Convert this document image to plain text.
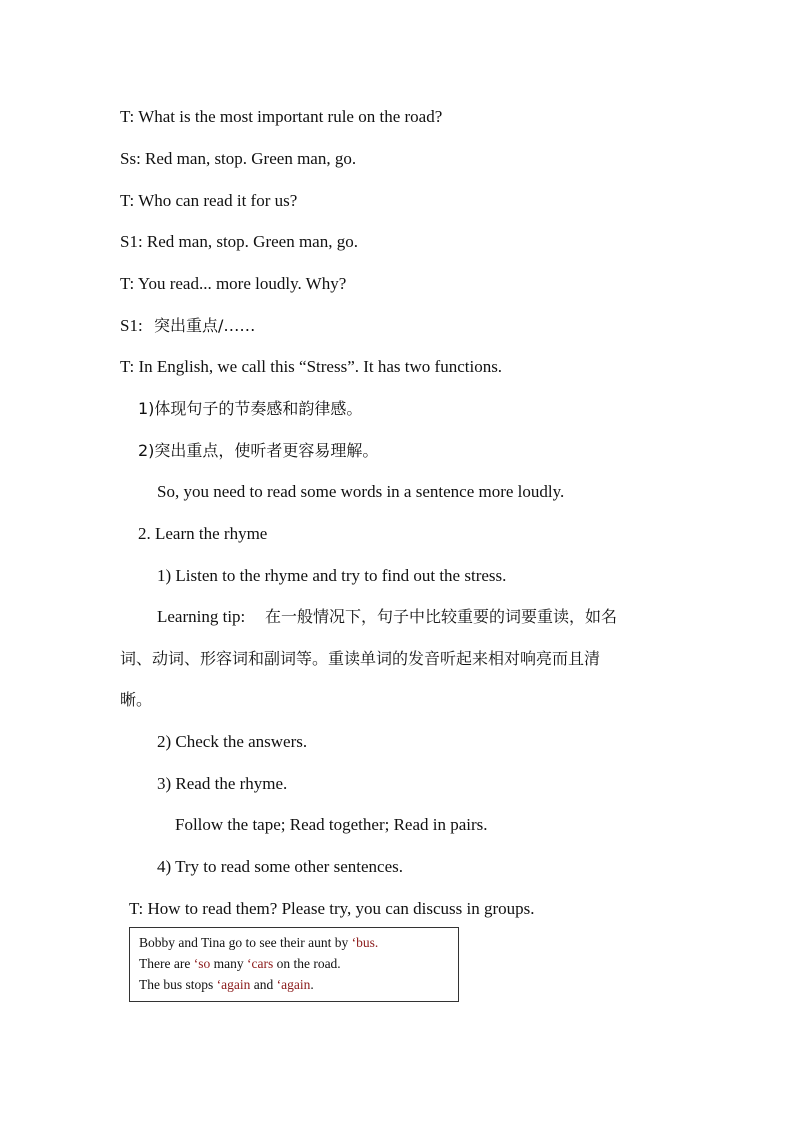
T: What is the most important rule on the road?
Ss: Red man, stop. Green man, go.
T: Who can read it for us?
S1: Red man, stop. Green man, go.
T: You read... more loudly. Why?
S1: 突出重点/……
T: In English, we call this “Stress”. It has two functions.
1)体现句子的节奏感和韵律感。
2)突出重点，使听者更容易理解。
So, you need to read some words in a sentence more loudly.
2. Learn the rhyme
1) Listen to the rhyme and try to find out the stress.
Learning tip: 在一般情况下，句子中比较重要的词要重读，如名
词、动词、形容词和副词等。重读单词的发音听起来相对响亮而且清
晰。
2) Check the answers.
3) Read the rhyme.
Follow the tape; Read together; Read in pairs.
4) Try to read some other sentences.
T: How to read them? Please try, you can discuss in groups.
Bobby and Tina go to see their aunt by ‘bus.
There are ‘so many ‘cars on the road.
The bus stops ‘again and ‘again.
